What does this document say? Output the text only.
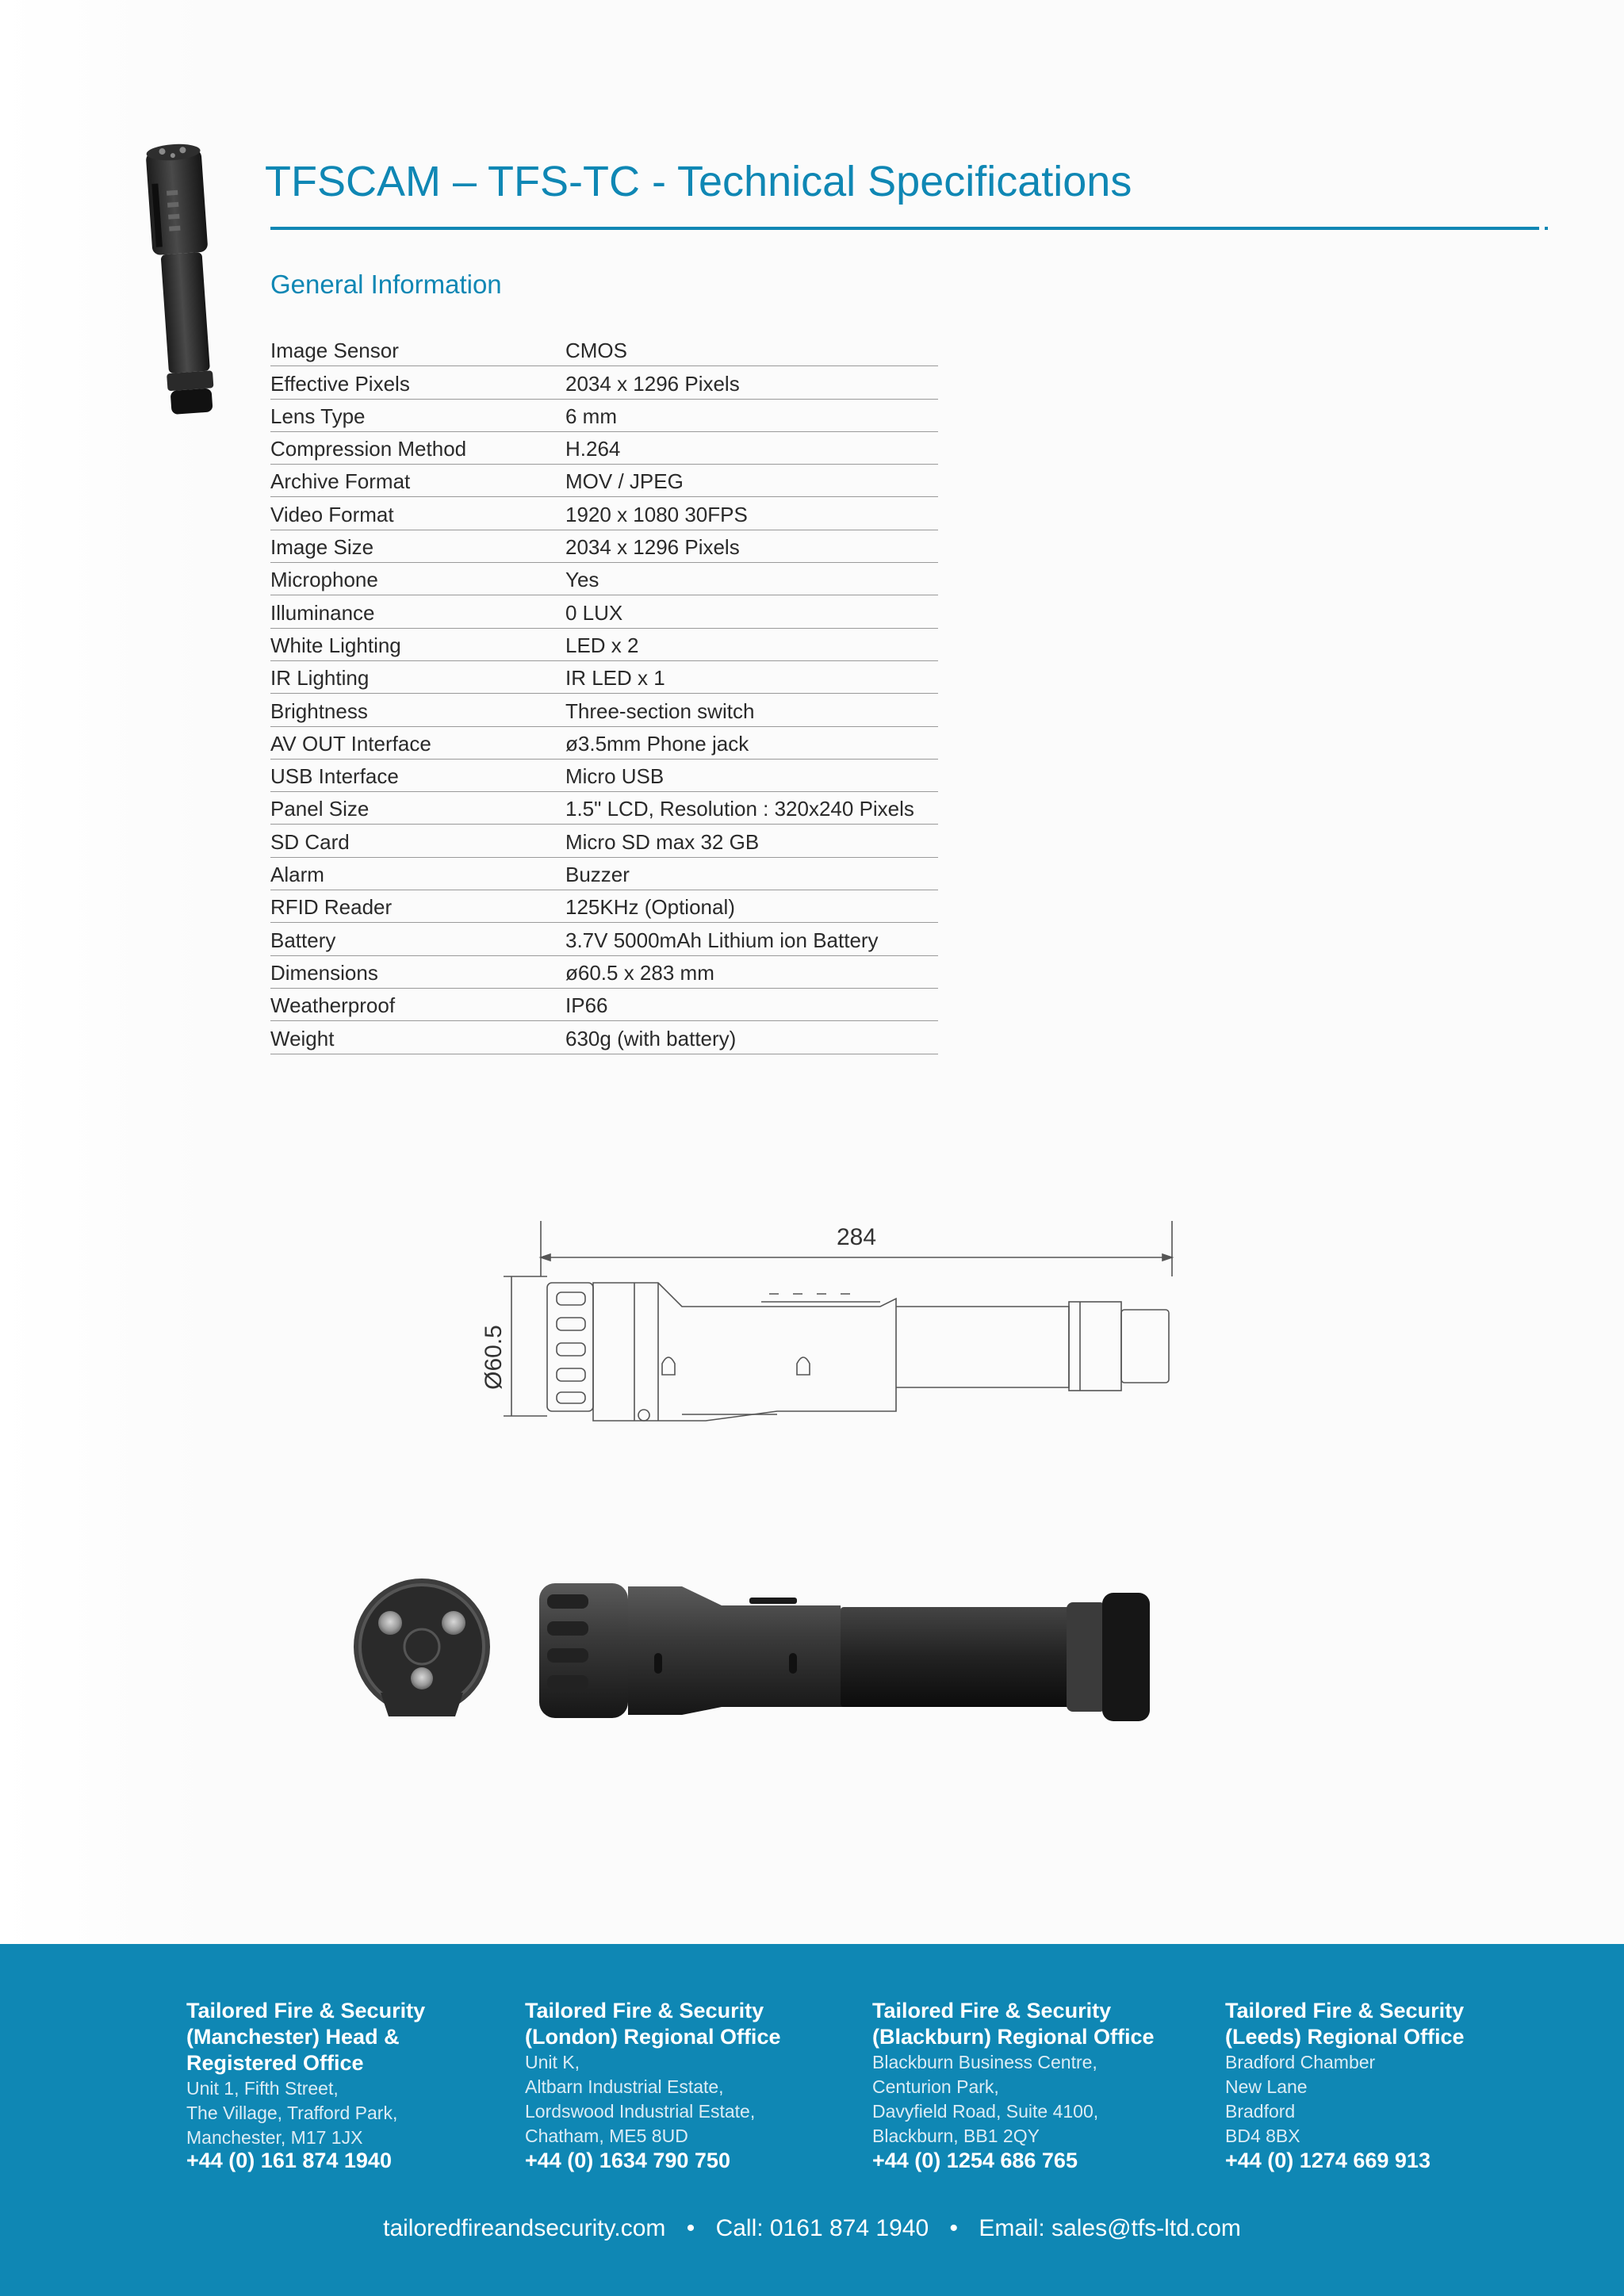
TFSCAM – TFS-TC - Technical Specifications
General Information
Image Sensor	CMOS
Effective Pixels	2034 x 1296 Pixels
Lens Type	6 mm
Compression Method	H.264
Archive Format	MOV / JPEG
Video Format	1920 x 1080 30FPS
Image Size	2034 x 1296 Pixels
Microphone	Yes
Illuminance	0 LUX
White Lighting	LED x 2
IR Lighting	IR LED x 1
Brightness	Three-section switch
AV OUT Interface	ø3.5mm Phone jack
USB Interface	Micro USB
Panel Size	1.5" LCD, Resolution : 320x240 Pixels
SD Card	Micro SD max 32 GB
Alarm	Buzzer
RFID Reader	125KHz (Optional)
Battery	3.7V 5000mAh Lithium ion Battery
Dimensions	ø60.5 x 283 mm
Weatherproof	IP66
Weight	630g (with battery)
284
Ø60.5

Tailored Fire & Security

(Manchester) Head &

Registered Office

Unit 1, Fifth Street,

The Village, Trafford Park,

Manchester, M17 1JX

+44 (0) 161 874 1940

Tailored Fire & Security

(London) Regional Office

Unit K,

Altbarn Industrial Estate,

Lordswood Industrial Estate,

Chatham, ME5 8UD

+44 (0) 1634 790 750

Tailored Fire & Security

(Blackburn) Regional Office

Blackburn Business Centre,

Centurion Park,

Davyfield Road, Suite 4100,

Blackburn, BB1 2QY

+44 (0) 1254 686 765

Tailored Fire & Security

(Leeds) Regional Office

Bradford Chamber

New Lane

Bradford

BD4 8BX

+44 (0) 1274 669 913
tailoredfireandsecurity.com • Call: 0161 874 1940 • Email: sales@tfs-ltd.com
